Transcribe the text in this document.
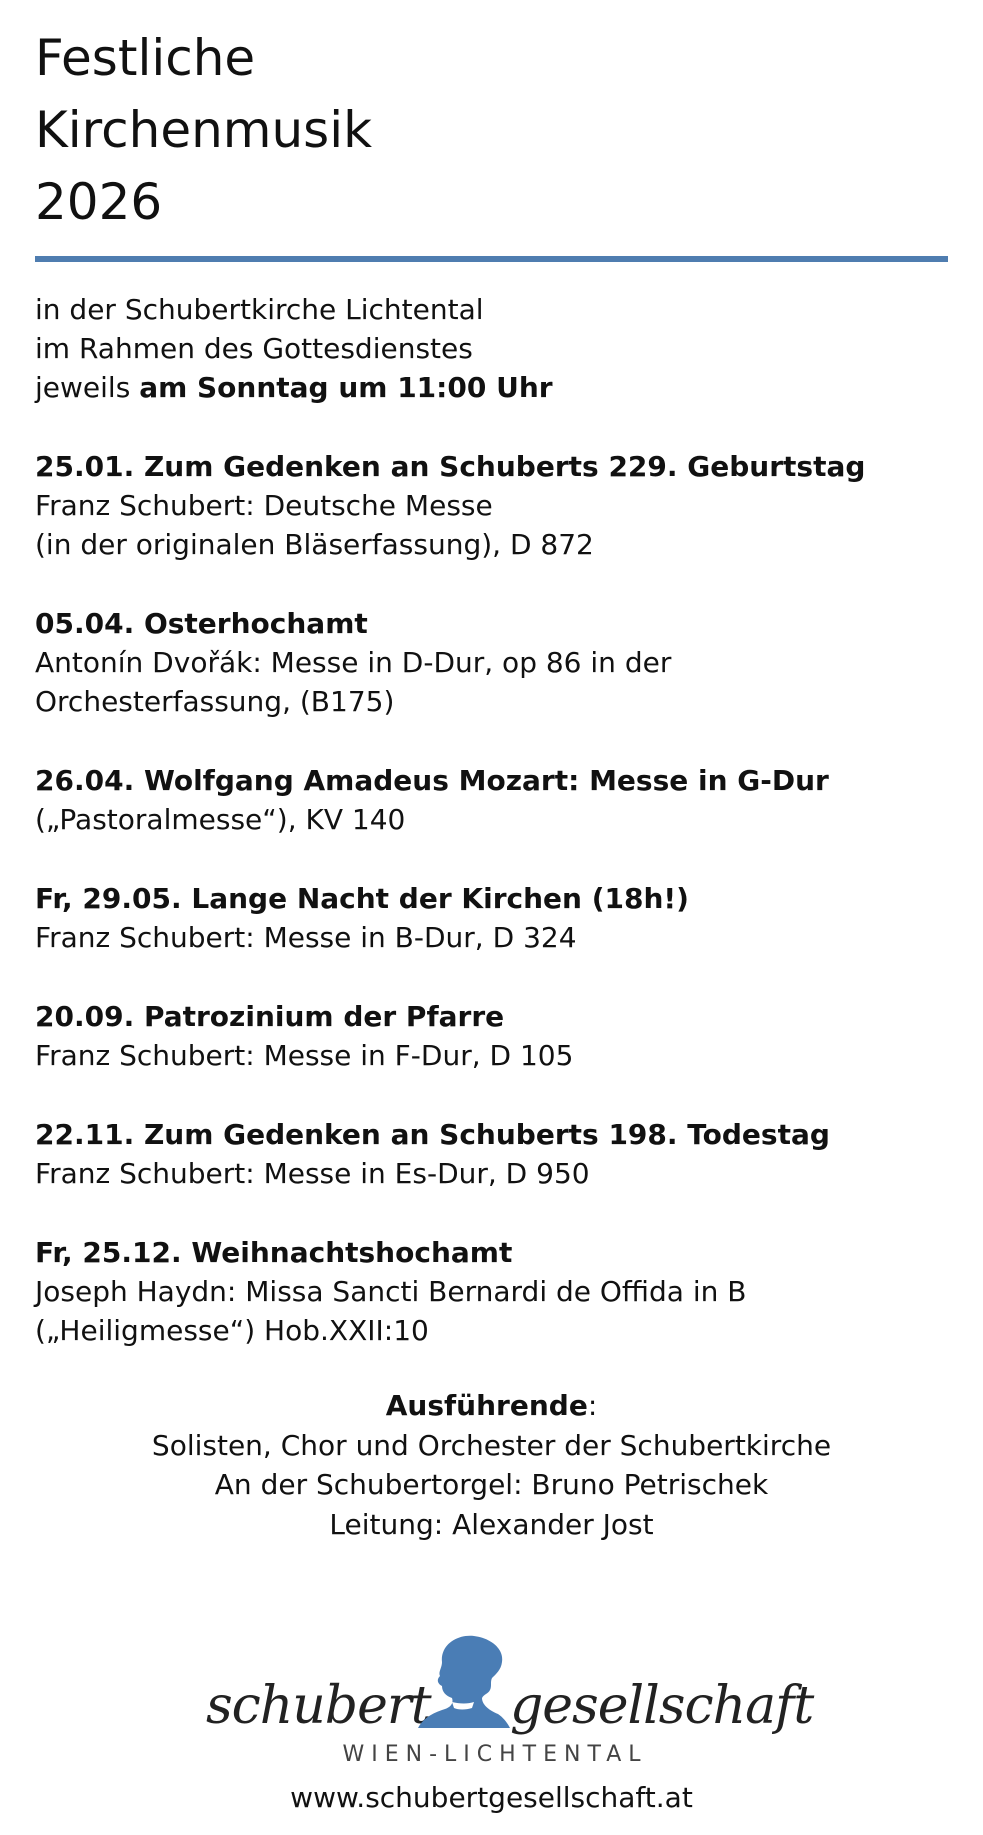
Festliche
Kirchenmusik
2026
in der Schubertkirche Lichtental
im Rahmen des Gottesdienstes
jeweils am Sonntag um 11:00 Uhr
25.01. Zum Gedenken an Schuberts 229. Geburtstag
Franz Schubert: Deutsche Messe
(in der originalen Bläserfassung), D 872
05.04. Osterhochamt
Antonín Dvořák: Messe in D-Dur, op 86 in der
Orchesterfassung, (B175)
26.04. Wolfgang Amadeus Mozart: Messe in G-Dur
(„Pastoralmesse“), KV 140
Fr, 29.05. Lange Nacht der Kirchen (18h!)
Franz Schubert: Messe in B-Dur, D 324
20.09. Patrozinium der Pfarre
Franz Schubert: Messe in F-Dur, D 105
22.11. Zum Gedenken an Schuberts 198. Todestag
Franz Schubert: Messe in Es-Dur, D 950
Fr, 25.12. Weihnachtshochamt
Joseph Haydn: Missa Sancti Bernardi de Offida in B
(„Heiligmesse“) Hob.XXII:10
Ausführende:
Solisten, Chor und Orchester der Schubertkirche
An der Schubertorgel: Bruno Petrischek
Leitung: Alexander Jost
schubert gesellschaft
WIEN-LICHTENTAL
www.schubertgesellschaft.at
